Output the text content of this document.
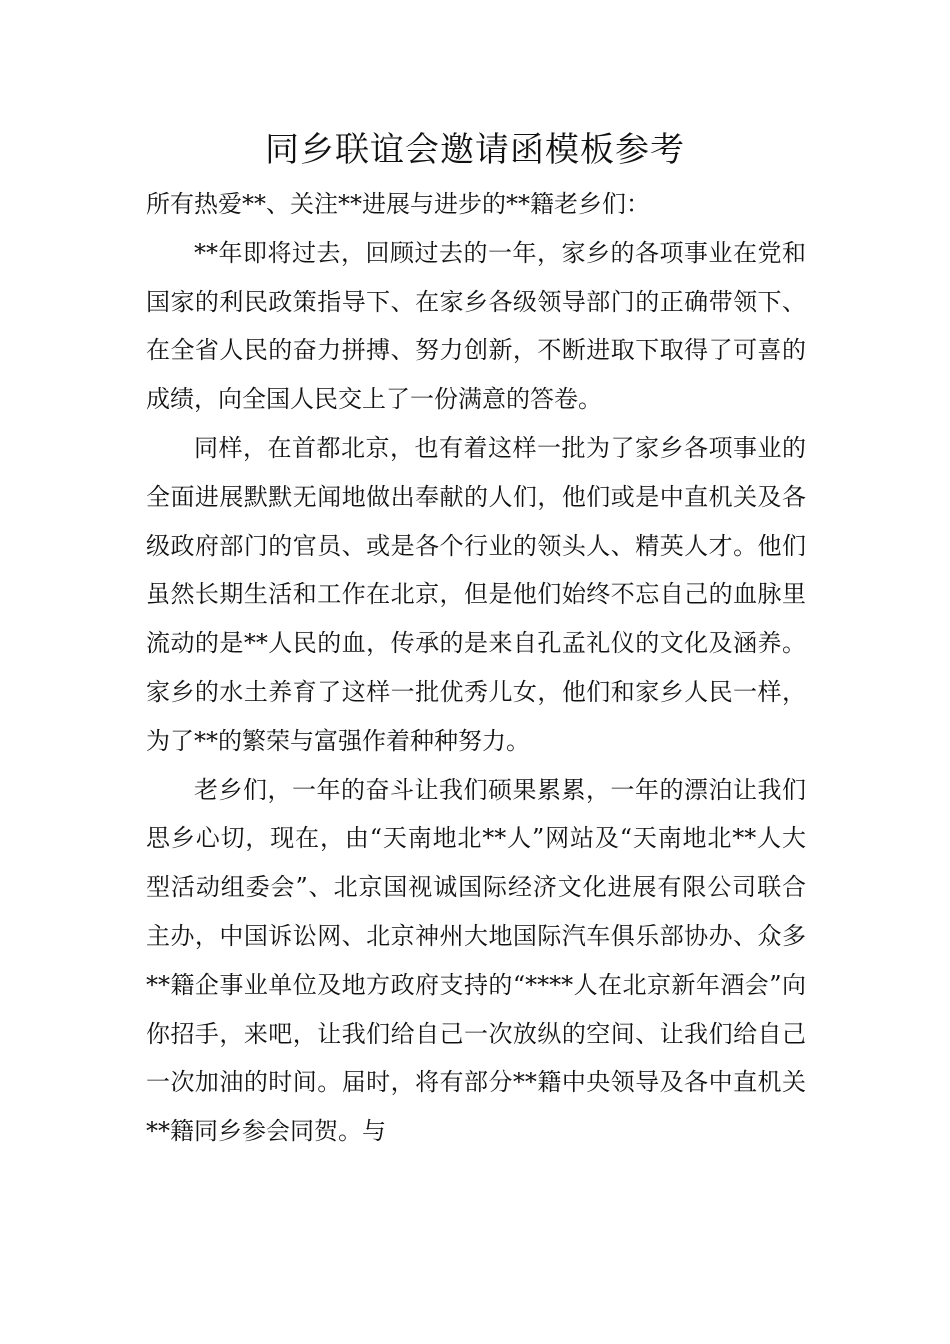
同乡联谊会邀请函模板参考

所有热爱**、关注**进展与进步的**籍老乡们：

**年即将过去，回顾过去的一年，家乡的各项事业在党和国家的利民政策指导下、在家乡各级领导部门的正确带领下、在全省人民的奋力拼搏、努力创新，不断进取下取得了可喜的成绩，向全国人民交上了一份满意的答卷。

同样，在首都北京，也有着这样一批为了家乡各项事业的全面进展默默无闻地做出奉献的人们，他们或是中直机关及各级政府部门的官员、或是各个行业的领头人、精英人才。他们虽然长期生活和工作在北京，但是他们始终不忘自己的血脉里流动的是**人民的血，传承的是来自孔孟礼仪的文化及涵养。家乡的水土养育了这样一批优秀儿女，他们和家乡人民一样，为了**的繁荣与富强作着种种努力。

老乡们，一年的奋斗让我们硕果累累，一年的漂泊让我们思乡心切，现在，由“天南地北**人”网站及“天南地北**人大型活动组委会”、北京国视诚国际经济文化进展有限公司联合主办，中国诉讼网、北京神州大地国际汽车俱乐部协办、众多**籍企事业单位及地方政府支持的“****人在北京新年酒会”向你招手，来吧，让我们给自己一次放纵的空间、让我们给自己一次加油的时间。届时，将有部分**籍中央领导及各中直机关**籍同乡参会同贺。与
